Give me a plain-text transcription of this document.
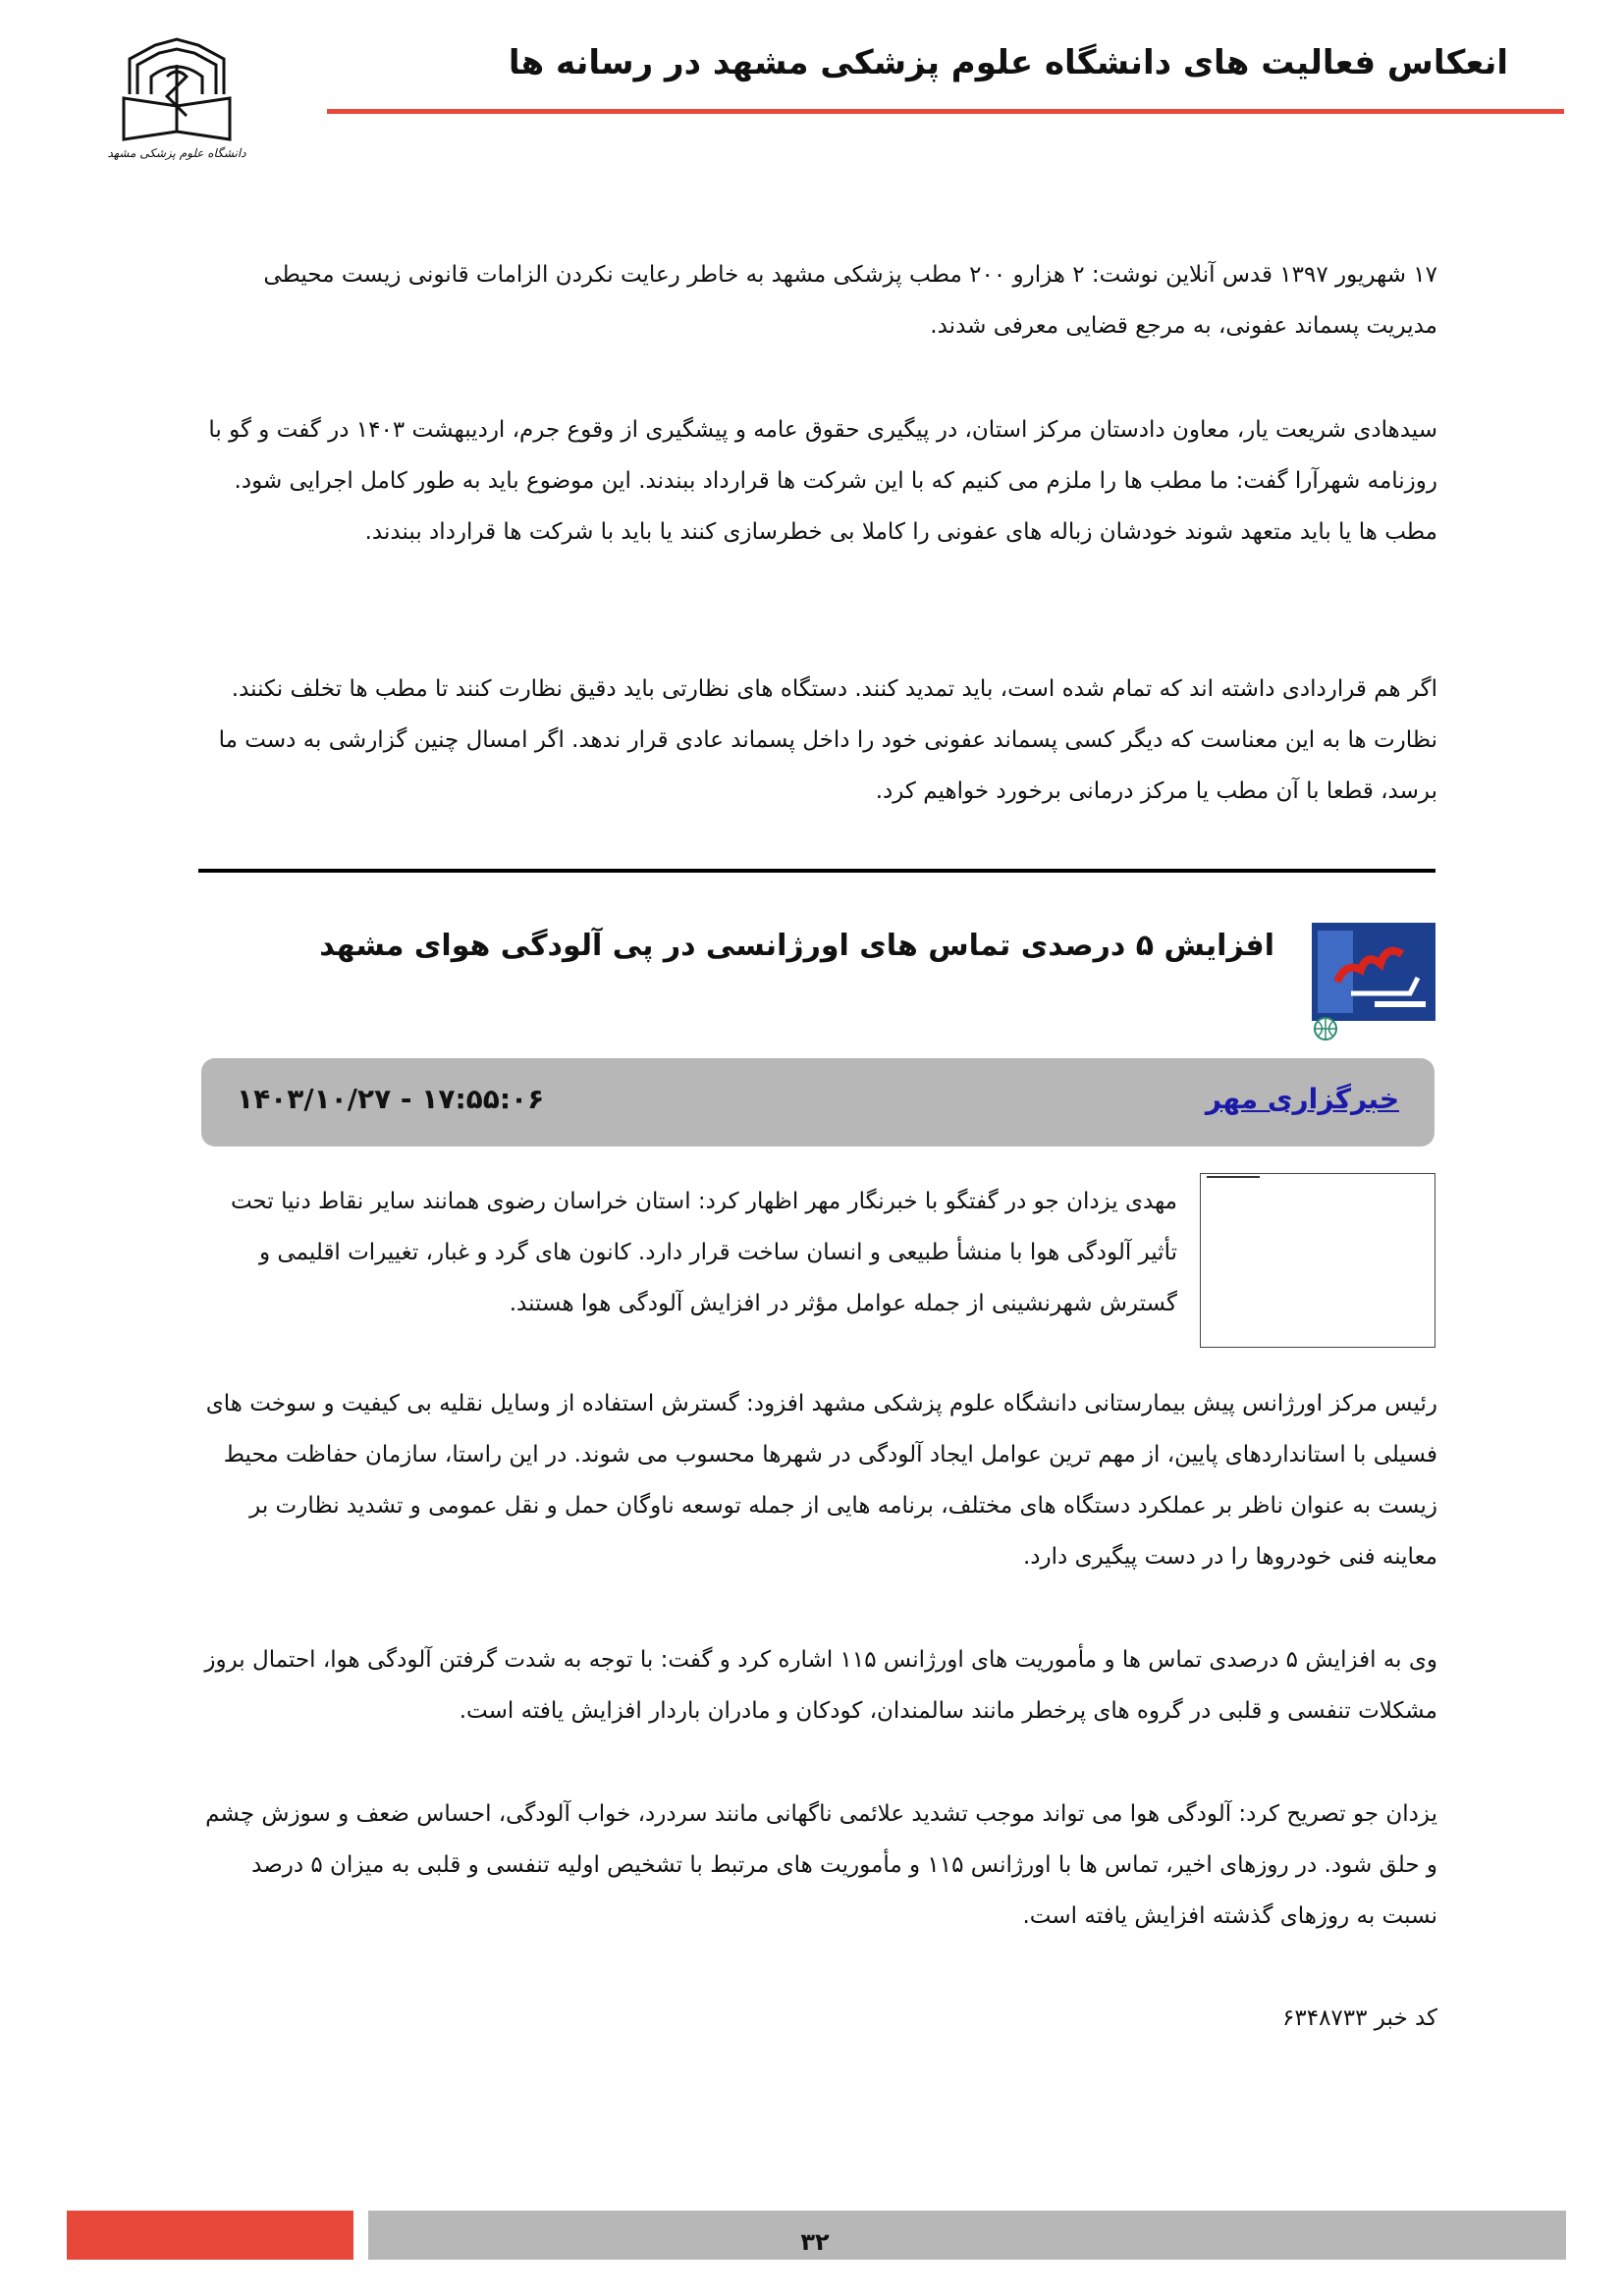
انعکاس فعالیت های دانشگاه علوم پزشکی مشهد در رسانه ها
دانشگاه علوم پزشکی مشهد
۱۷ شهریور ۱۳۹۷ قدس آنلاین نوشت: ۲ هزارو ۲۰۰ مطب پزشکی مشهد به خاطر رعایت نکردن الزامات قانونی زیست محیطی مدیریت پسماند عفونی، به مرجع قضایی معرفی شدند.
سیدهادی شریعت یار، معاون دادستان مرکز استان، در پیگیری حقوق عامه و پیشگیری از وقوع جرم، اردیبهشت ۱۴۰۳ در گفت و گو با روزنامه شهرآرا گفت: ما مطب ها را ملزم می کنیم که با این شرکت ها قرارداد ببندند. این موضوع باید به طور کامل اجرایی شود. مطب ها یا باید متعهد شوند خودشان زباله های عفونی را کاملا بی خطرسازی کنند یا باید با شرکت ها قرارداد ببندند.
اگر هم قراردادی داشته اند که تمام شده است، باید تمدید کنند. دستگاه های نظارتی باید دقیق نظارت کنند تا مطب ها تخلف نکنند. نظارت ها به این معناست که دیگر کسی پسماند عفونی خود را داخل پسماند عادی قرار ندهد. اگر امسال چنین گزارشی به دست ما برسد، قطعا با آن مطب یا مرکز درمانی برخورد خواهیم کرد.
افزایش ۵ درصدی تماس های اورژانسی در پی آلودگی هوای مشهد
خبرگزاری مهر
۱۴۰۳/۱۰/۲۷ - ۱۷:۵۵:۰۶
مهدی یزدان جو در گفتگو با خبرنگار مهر اظهار کرد: استان خراسان رضوی همانند سایر نقاط دنیا تحت تأثیر آلودگی هوا با منشأ طبیعی و انسان ساخت قرار دارد. کانون های گرد و غبار، تغییرات اقلیمی و گسترش شهرنشینی از جمله عوامل مؤثر در افزایش آلودگی هوا هستند.
رئیس مرکز اورژانس پیش بیمارستانی دانشگاه علوم پزشکی مشهد افزود: گسترش استفاده از وسایل نقلیه بی کیفیت و سوخت های فسیلی با استانداردهای پایین، از مهم ترین عوامل ایجاد آلودگی در شهرها محسوب می شوند. در این راستا، سازمان حفاظت محیط زیست به عنوان ناظر بر عملکرد دستگاه های مختلف، برنامه هایی از جمله توسعه ناوگان حمل و نقل عمومی و تشدید نظارت بر معاینه فنی خودروها را در دست پیگیری دارد.
وی به افزایش ۵ درصدی تماس ها و مأموریت های اورژانس ۱۱۵ اشاره کرد و گفت: با توجه به شدت گرفتن آلودگی هوا، احتمال بروز مشکلات تنفسی و قلبی در گروه های پرخطر مانند سالمندان، کودکان و مادران باردار افزایش یافته است.
یزدان جو تصریح کرد: آلودگی هوا می تواند موجب تشدید علائمی ناگهانی مانند سردرد، خواب آلودگی، احساس ضعف و سوزش چشم و حلق شود. در روزهای اخیر، تماس ها با اورژانس ۱۱۵ و مأموریت های مرتبط با تشخیص اولیه تنفسی و قلبی به میزان ۵ درصد نسبت به روزهای گذشته افزایش یافته است.
کد خبر ۶۳۴۸۷۳۳
۳۲
